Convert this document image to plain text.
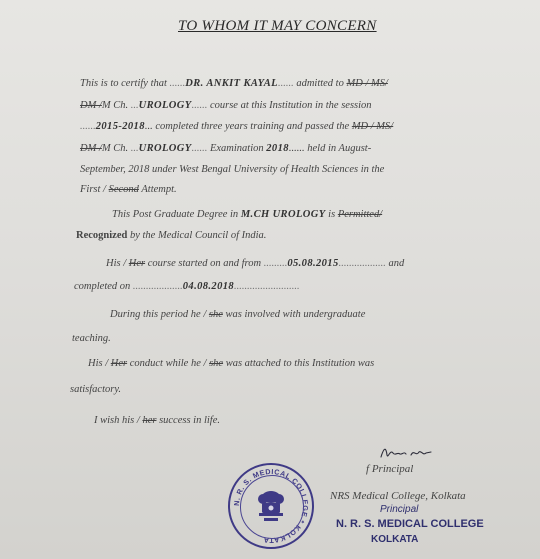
TO WHOM IT MAY CONCERN
This is to certify that ......DR. ANKIT KAYAL...... admitted to MD / MS/
DM /M Ch. ...UROLOGY...... course at this Institution in the session
......2015-2018... completed three years training and passed the MD / MS/
DM /M Ch. ...UROLOGY...... Examination 2018...... held in August-
September, 2018 under West Bengal University of Health Sciences in the
First / Second Attempt.
This Post Graduate Degree in M.CH UROLOGY is Permitted/
Recognized by the Medical Council of India.
His / Her course started on and from .........05.08.2015.................. and
completed on ...................04.08.2018.........................
During this period he / she was involved with undergraduate
teaching.
His / Her conduct while he / she was attached to this Institution was
satisfactory.
I wish his / her success in life.
f Principal
NRS Medical College, Kolkata
Principal
N. R. S. MEDICAL COLLEGE
KOLKATA
N. R. S. MEDICAL COLLEGE * KOLKATA
